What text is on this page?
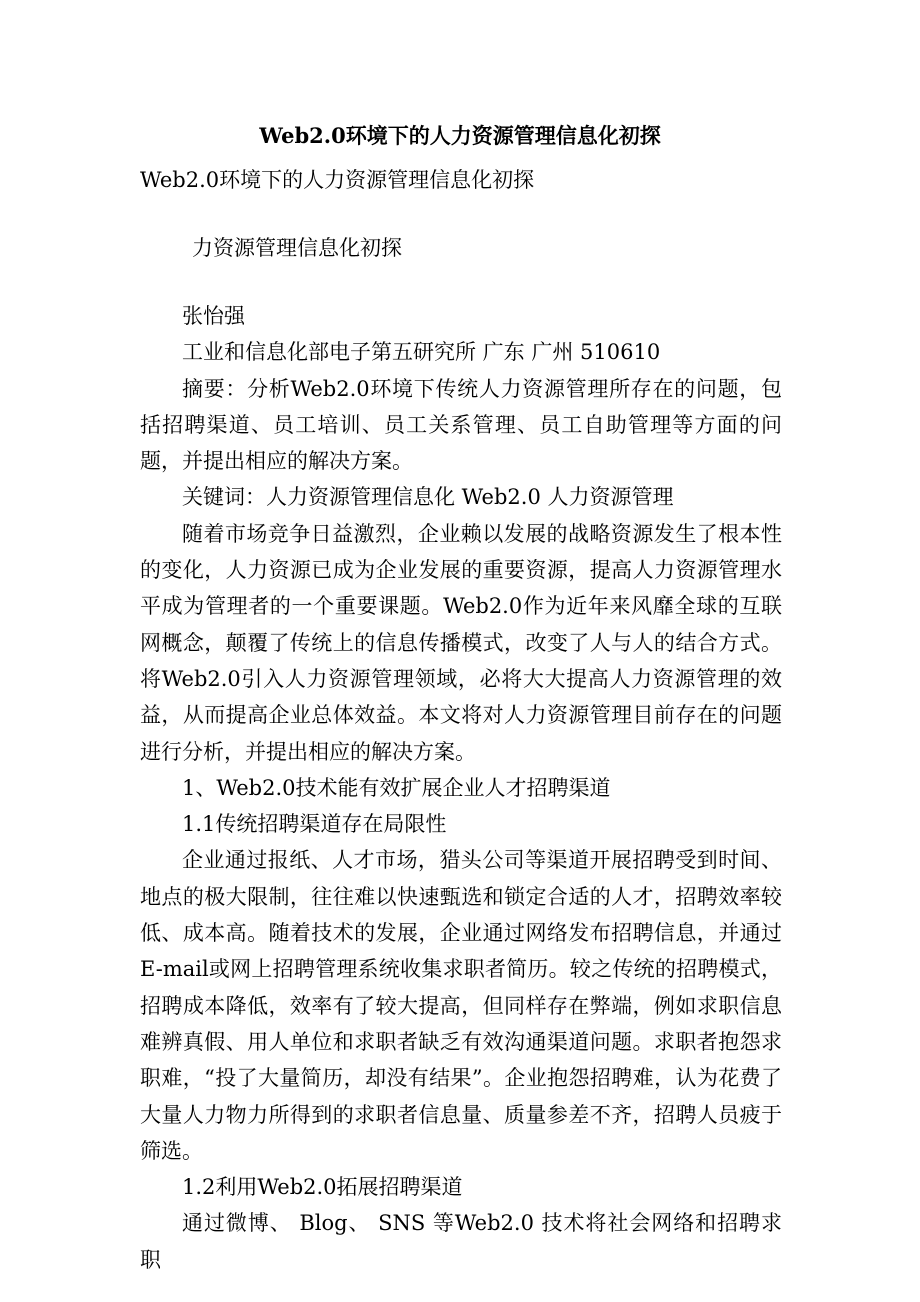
Web2.0环境下的人力资源管理信息化初探

Web2.0环境下的人力资源管理信息化初探

力资源管理信息化初探

张怡强

工业和信息化部电子第五研究所 广东 广州 510610

摘要：分析Web2.0环境下传统人力资源管理所存在的问题，包括招聘渠道、员工培训、员工关系管理、员工自助管理等方面的问题，并提出相应的解决方案。

关键词：人力资源管理信息化 Web2.0 人力资源管理

随着市场竞争日益激烈，企业赖以发展的战略资源发生了根本性的变化，人力资源已成为企业发展的重要资源，提高人力资源管理水平成为管理者的一个重要课题。Web2.0作为近年来风靡全球的互联网概念，颠覆了传统上的信息传播模式，改变了人与人的结合方式。将Web2.0引入人力资源管理领域，必将大大提高人力资源管理的效益，从而提高企业总体效益。本文将对人力资源管理目前存在的问题进行分析，并提出相应的解决方案。

1、Web2.0技术能有效扩展企业人才招聘渠道

1.1传统招聘渠道存在局限性

企业通过报纸、人才市场，猎头公司等渠道开展招聘受到时间、地点的极大限制，往往难以快速甄选和锁定合适的人才，招聘效率较低、成本高。随着技术的发展，企业通过网络发布招聘信息，并通过E-mail或网上招聘管理系统收集求职者简历。较之传统的招聘模式，招聘成本降低，效率有了较大提高，但同样存在弊端，例如求职信息难辨真假、用人单位和求职者缺乏有效沟通渠道问题。求职者抱怨求职难，“投了大量简历，却没有结果”。企业抱怨招聘难，认为花费了大量人力物力所得到的求职者信息量、质量参差不齐，招聘人员疲于筛选。

1.2利用Web2.0拓展招聘渠道

通过微博、 Blog、 SNS 等Web2.0 技术将社会网络和招聘求职
